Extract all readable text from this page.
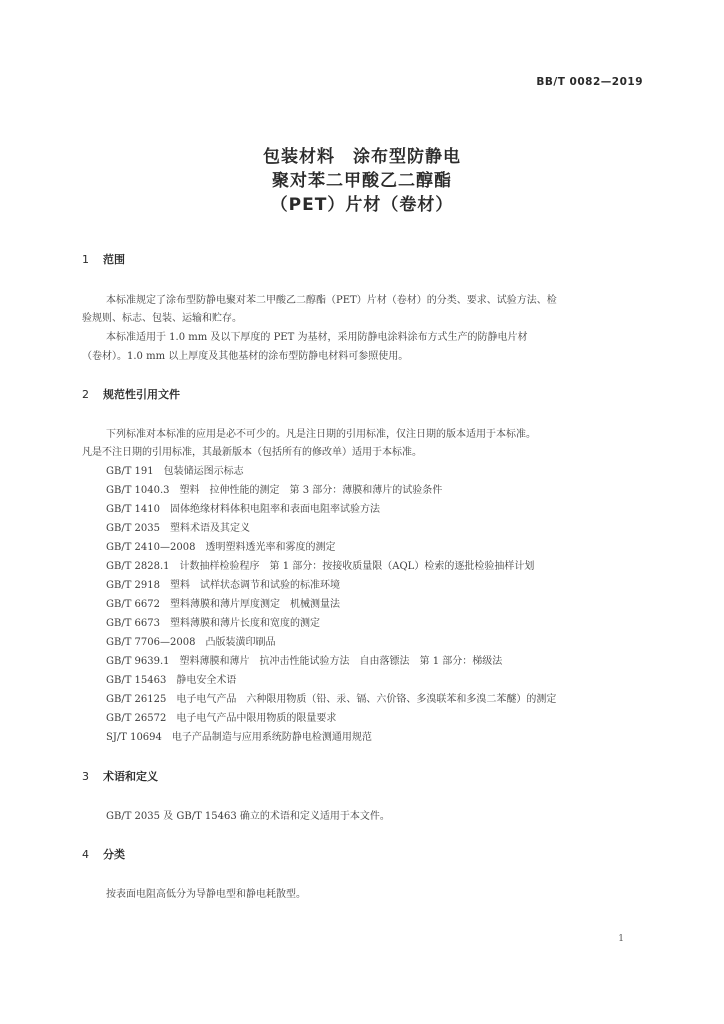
BB/T 0082—2019
包装材料　涂布型防静电
聚对苯二甲酸乙二醇酯
（PET）片材（卷材）
1 范围
本标准规定了涂布型防静电聚对苯二甲酸乙二醇酯（PET）片材（卷材）的分类、要求、试验方法、检
验规则、标志、包装、运输和贮存。
本标准适用于 1.0 mm 及以下厚度的 PET 为基材，采用防静电涂料涂布方式生产的防静电片材
（卷材）。1.0 mm 以上厚度及其他基材的涂布型防静电材料可参照使用。
2 规范性引用文件
下列标准对本标准的应用是必不可少的。凡是注日期的引用标准，仅注日期的版本适用于本标准。
凡是不注日期的引用标准，其最新版本（包括所有的修改单）适用于本标准。
GB/T 191　包装储运图示标志
GB/T 1040.3　塑料　拉伸性能的测定　第 3 部分：薄膜和薄片的试验条件
GB/T 1410　固体绝缘材料体积电阻率和表面电阻率试验方法
GB/T 2035　塑料术语及其定义
GB/T 2410—2008　透明塑料透光率和雾度的测定
GB/T 2828.1　计数抽样检验程序　第 1 部分：按接收质量限（AQL）检索的逐批检验抽样计划
GB/T 2918　塑料　试样状态调节和试验的标准环境
GB/T 6672　塑料薄膜和薄片厚度测定　机械测量法
GB/T 6673　塑料薄膜和薄片长度和宽度的测定
GB/T 7706—2008　凸版装潢印刷品
GB/T 9639.1　塑料薄膜和薄片　抗冲击性能试验方法　自由落镖法　第 1 部分：梯级法
GB/T 15463　静电安全术语
GB/T 26125　电子电气产品　六种限用物质（铅、汞、镉、六价铬、多溴联苯和多溴二苯醚）的测定
GB/T 26572　电子电气产品中限用物质的限量要求
SJ/T 10694　电子产品制造与应用系统防静电检测通用规范
3 术语和定义
GB/T 2035 及 GB/T 15463 确立的术语和定义适用于本文件。
4 分类
按表面电阻高低分为导静电型和静电耗散型。
1
